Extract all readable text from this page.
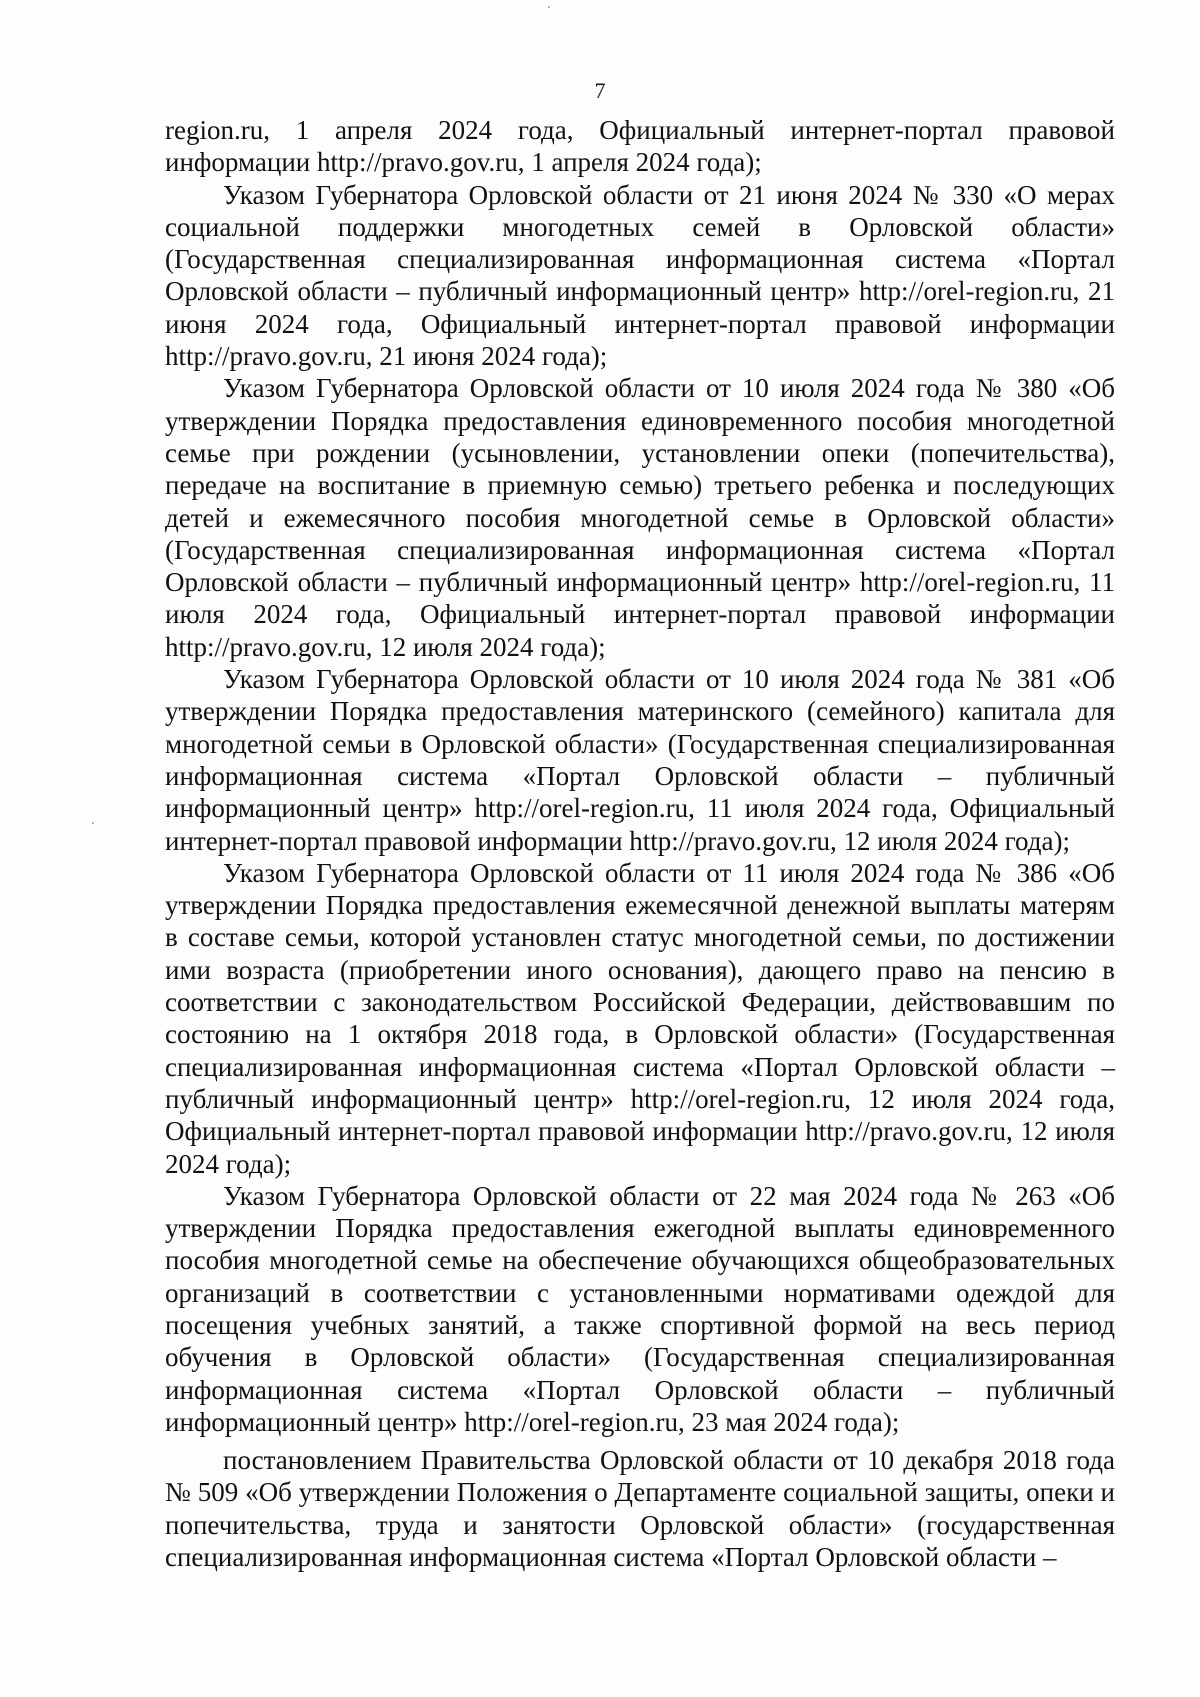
7

region.ru, 1 апреля 2024 года, Официальный интернет-портал правовой информации http://pravo.gov.ru, 1 апреля 2024 года);

Указом Губернатора Орловской области от 21 июня 2024 № 330 «О мерах социальной поддержки многодетных семей в Орловской области» (Государственная специализированная информационная система «Портал Орловской области – публичный информационный центр» http://orel-region.ru, 21 июня 2024 года, Официальный интернет-портал правовой информации http://pravo.gov.ru, 21 июня 2024 года);

Указом Губернатора Орловской области от 10 июля 2024 года № 380 «Об утверждении Порядка предоставления единовременного пособия многодетной семье при рождении (усыновлении, установлении опеки (попечительства), передаче на воспитание в приемную семью) третьего ребенка и последующих детей и ежемесячного пособия многодетной семье в Орловской области» (Государственная специализированная информационная система «Портал Орловской области – публичный информационный центр» http://orel-region.ru, 11 июля 2024 года, Официальный интернет-портал правовой информации http://pravo.gov.ru, 12 июля 2024 года);

Указом Губернатора Орловской области от 10 июля 2024 года № 381 «Об утверждении Порядка предоставления материнского (семейного) капитала для многодетной семьи в Орловской области» (Государственная специализированная информационная система «Портал Орловской области – публичный информационный центр» http://orel-region.ru, 11 июля 2024 года, Официальный интернет-портал правовой информации http://pravo.gov.ru, 12 июля 2024 года);

Указом Губернатора Орловской области от 11 июля 2024 года № 386 «Об утверждении Порядка предоставления ежемесячной денежной выплаты матерям в составе семьи, которой установлен статус многодетной семьи, по достижении ими возраста (приобретении иного основания), дающего право на пенсию в соответствии с законодательством Российской Федерации, действовавшим по состоянию на 1 октября 2018 года, в Орловской области» (Государственная специализированная информационная система «Портал Орловской области – публичный информационный центр» http://orel-region.ru, 12 июля 2024 года, Официальный интернет-портал правовой информации http://pravo.gov.ru, 12 июля 2024 года);

Указом Губернатора Орловской области от 22 мая 2024 года № 263 «Об утверждении Порядка предоставления ежегодной выплаты единовременного пособия многодетной семье на обеспечение обучающихся общеобразовательных организаций в соответствии с установленными нормативами одеждой для посещения учебных занятий, а также спортивной формой на весь период обучения в Орловской области» (Государственная специализированная информационная система «Портал Орловской области – публичный информационный центр» http://orel-region.ru, 23 мая 2024 года);

постановлением Правительства Орловской области от 10 декабря 2018 года № 509 «Об утверждении Положения о Департаменте социальной защиты, опеки и попечительства, труда и занятости Орловской области» (государственная специализированная информационная система «Портал Орловской области –
